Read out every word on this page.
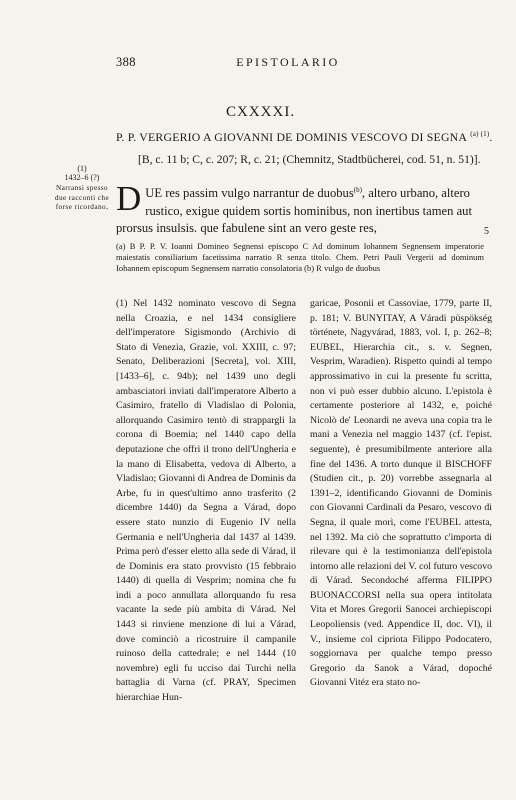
388	EPISTOLARIO
CXXXXI.
P. P. VERGERIO A GIOVANNI DE DOMINIS VESCOVO DI SEGNA $^{(a) (1)}$.
[B, c. 11 b; C, c. 207; R, c. 21; (Chemnitz, Stadtbücherei, cod. 51, n. 51)].
(1)
1432–6 (?)
Narransi spesso due racconti che forse ricordano, DUE res passim vulgo narrantur de duobus$^{(b)}$, altero urbano, altero rustico, exigue quidem sortis hominibus, non inertibus tamen aut prorsus insulsis. que fabulene sint an vero geste res,	5
(a) B P. P. V. Ioanni Domineo Segnensi episcopo C Ad dominum Iohannem Segnensem imperatorie maiestatis consiliarium facetissima narratio R senza titolo. Chem. Petri Pauli Vergerii ad dominum Iohannem episcopum Segnensem narratio consolatoria (b) R vulgo de duobus

(1) Nel 1432 nominato vescovo di Segna nella Croazia, e nel 1434 consigliere dell'imperatore Sigismondo (Archivio di Stato di Venezia, Grazie, vol. XXIII, c. 97; Senato, Deliberazioni [Secreta], vol. XIII, [1433–6], c. 94b); nel 1439 uno degli ambasciatori inviati dall'imperatore Alberto a Casimiro, fratello di Vladislao di Polonia, allorquando Casimiro tentò di strappargli la corona di Boemia; nel 1440 capo della deputazione che offrì il trono dell'Ungheria e la mano di Elisabetta, vedova di Alberto, a Vladislao; Giovanni di Andrea de Dominis da Arbe, fu in quest'ultimo anno trasferito (2 dicembre 1440) da Segna a Várad, dopo essere stato nunzio di Eugenio IV nella Germania e nell'Ungheria dal 1437 al 1439. Prima però d'esser eletto alla sede di Várad, il de Dominis era stato provvisto (15 febbraio 1440) di quella di Vesprim; nomina che fu indi a poco annullata allorquando fu resa vacante la sede più ambita di Várad. Nel 1443 si rinviene menzione di lui a Várad, dove cominciò a ricostruire il campanile ruinoso della cattedrale; e nel 1444 (10 novembre) egli fu ucciso dai Turchi nella battaglia di Varna (cf. PRAY, Specimen hierarchiae Hun-

garicae, Posonii et Cassoviae, 1779, parte II, p. 181; V. BUNYITAY, A Váradi püspökség története, Nagyvárad, 1883, vol. I, p. 262–8; EUBEL, Hierarchia cit., s. v. Segnen, Vesprim, Waradien). Rispetto quindi al tempo approssimativo in cui la presente fu scritta, non vi può esser dubbio alcuno. L'epistola è certamente posteriore al 1432, e, poiché Nicolò de' Leonardi ne aveva una copia tra le mani a Venezia nel maggio 1437 (cf. l'epist. seguente), è presumibilmente anteriore alla fine del 1436. A torto dunque il BISCHOFF (Studien cit., p. 20) vorrebbe assegnarla al 1391–2, identificando Giovanni de Dominis con Giovanni Cardinali da Pesaro, vescovo di Segna, il quale morì, come l'EUBEL attesta, nel 1392. Ma ciò che soprattutto c'importa di rilevare qui è la testimonianza dell'epistola intorno alle relazioni del V. col futuro vescovo di Várad. Secondoché afferma FILIPPO BUONACCORSI nella sua opera intitolata Vita et Mores Gregorii Sanocei archiepiscopi Leopoliensis (ved. Appendice II, doc. VI), il V., insieme col cipriota Filippo Podocatero, soggiornava per qualche tempo presso Gregorio da Sanok a Várad, dopoché Giovanni Vitéz era stato no-
